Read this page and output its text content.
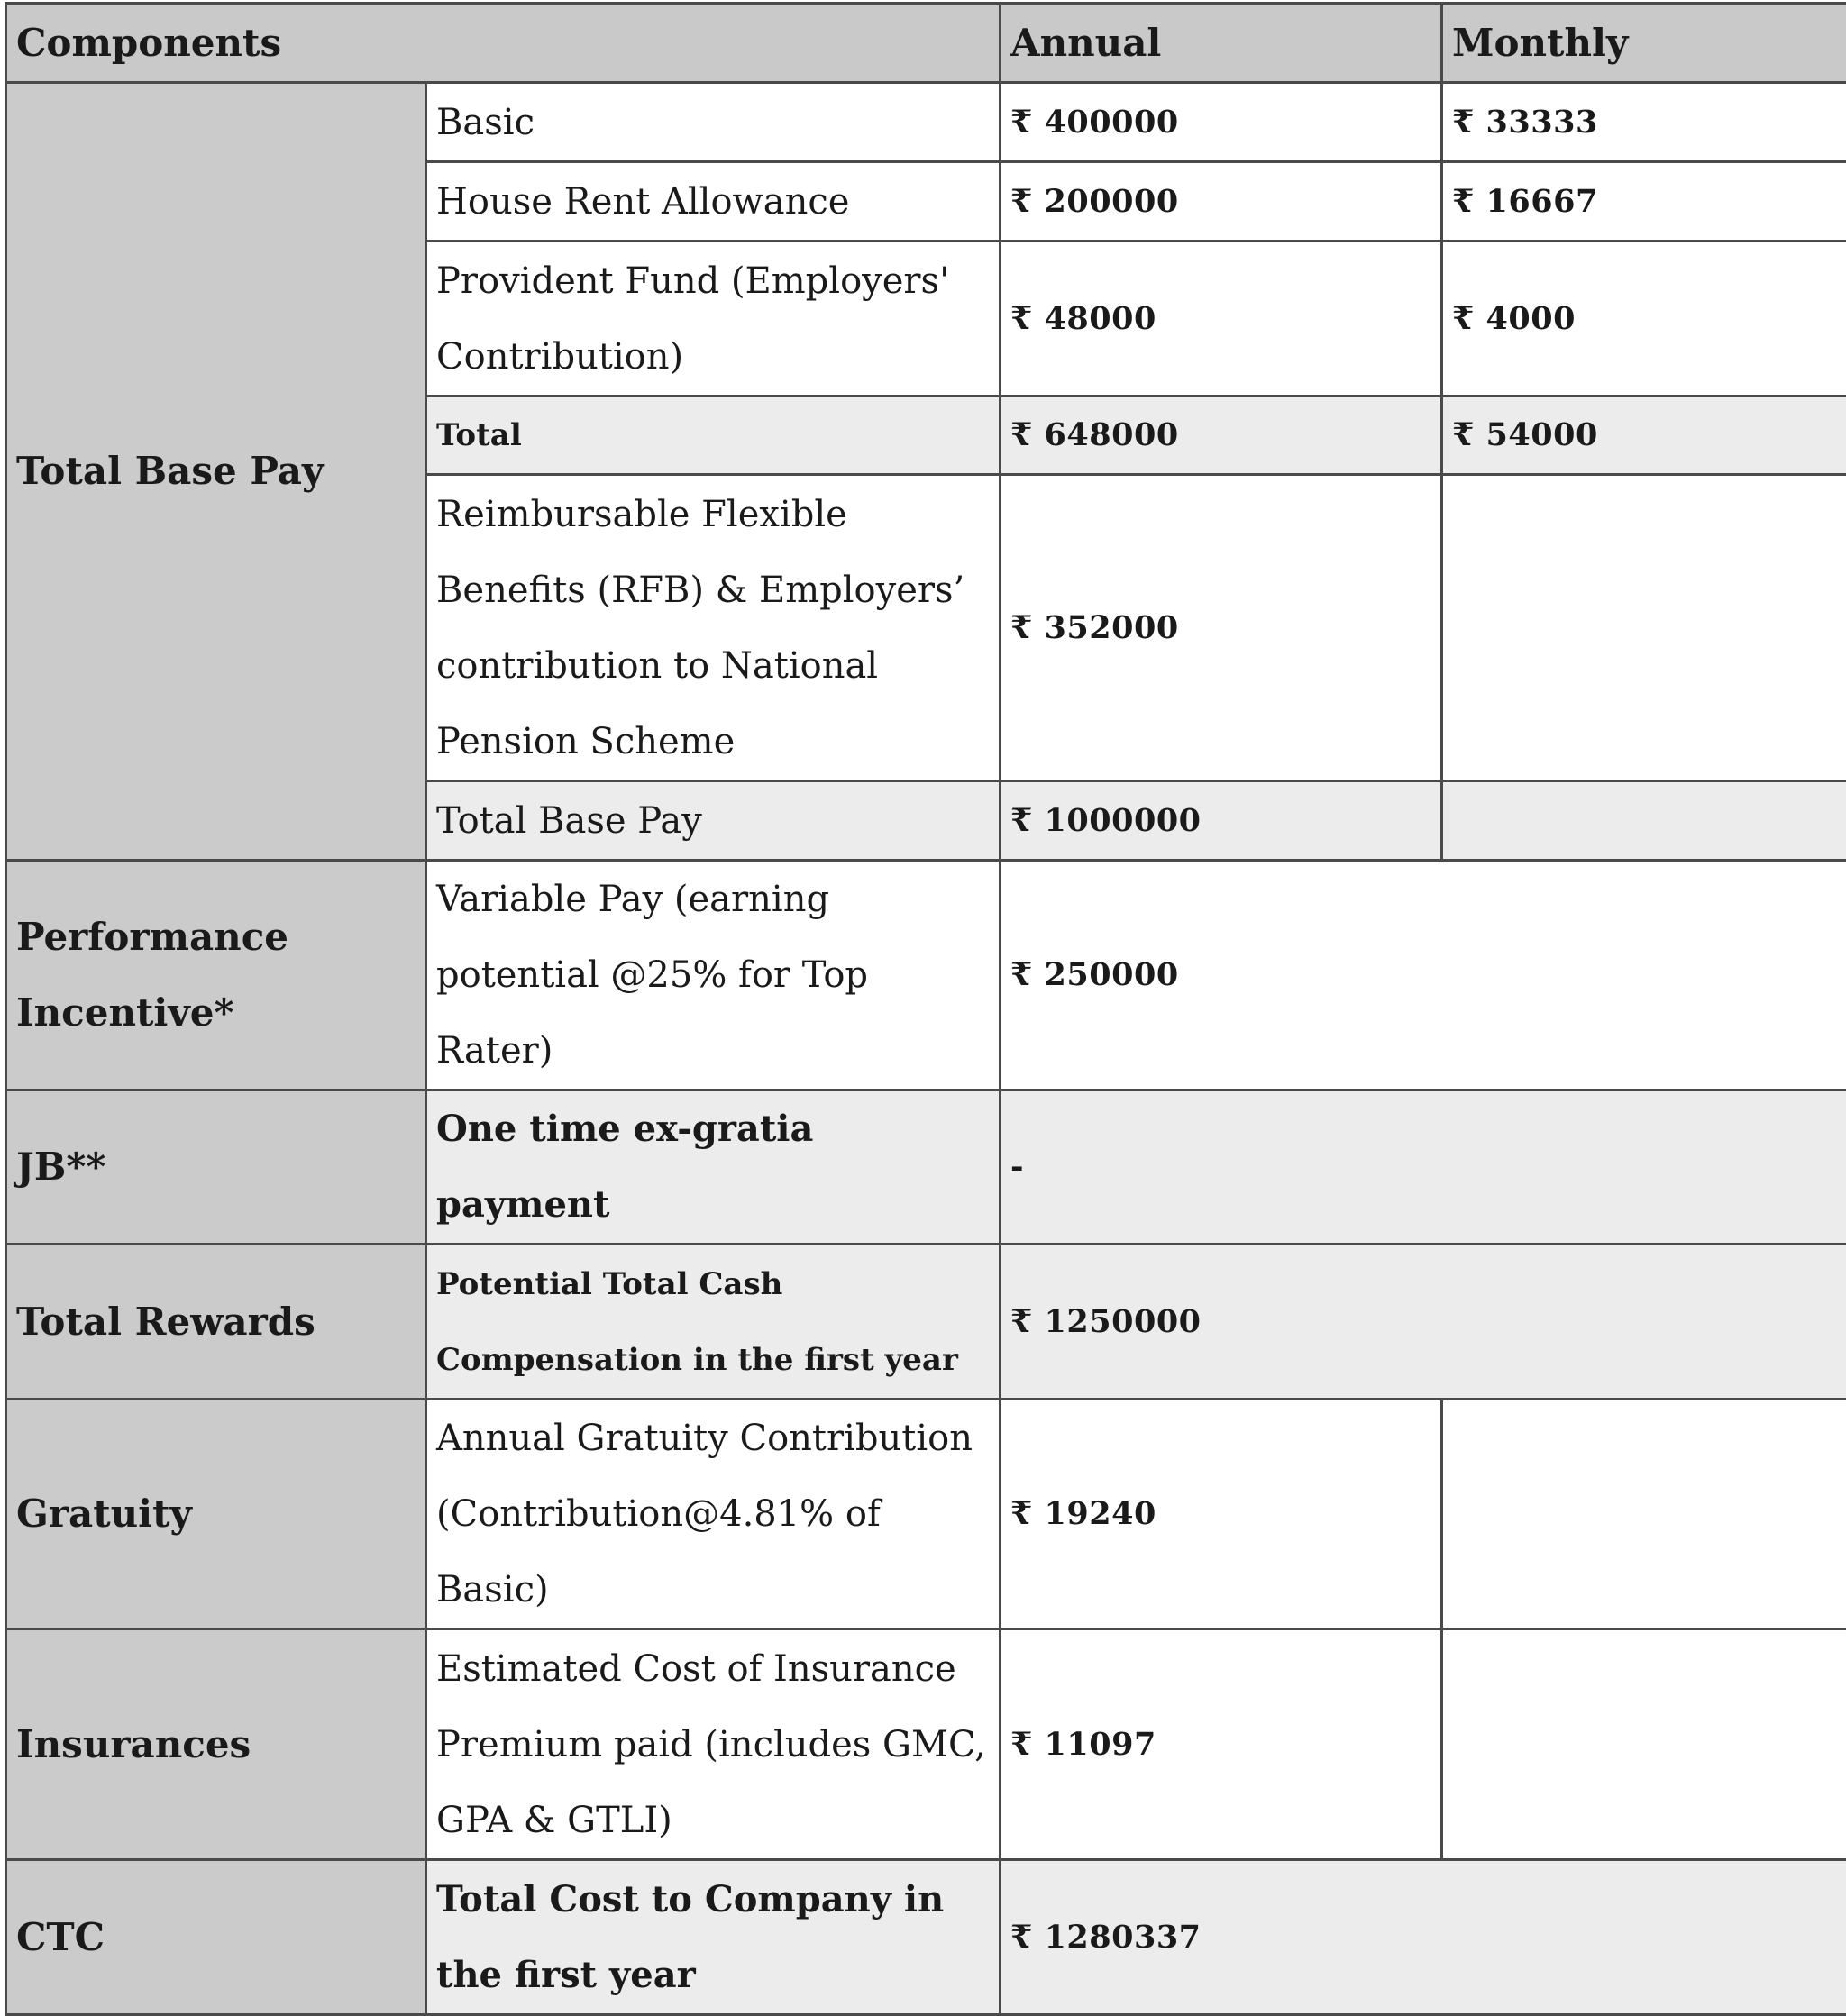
Components		Annual	Monthly
Total Base Pay	Basic	₹ 400000	₹ 33333
	House Rent Allowance	₹ 200000	₹ 16667
	Provident Fund (Employers' Contribution)	₹ 48000	₹ 4000
	Total	₹ 648000	₹ 54000
	Reimbursable Flexible Benefits (RFB) & Employers’ contribution to National Pension Scheme	₹ 352000	
	Total Base Pay	₹ 1000000	

Performance Incentive*	Variable Pay (earning potential @25% for Top Rater)	₹ 250000	
JB**	One time ex-gratia payment	-	
Total Rewards	Potential Total Cash Compensation in the first year	₹ 1250000	
Gratuity	Annual Gratuity Contribution (Contribution@4.81% of Basic)	₹ 19240	
Insurances	Estimated Cost of Insurance Premium paid (includes GMC, GPA & GTLI)	₹ 11097	
CTC	Total Cost to Company in the first year	₹ 1280337	
